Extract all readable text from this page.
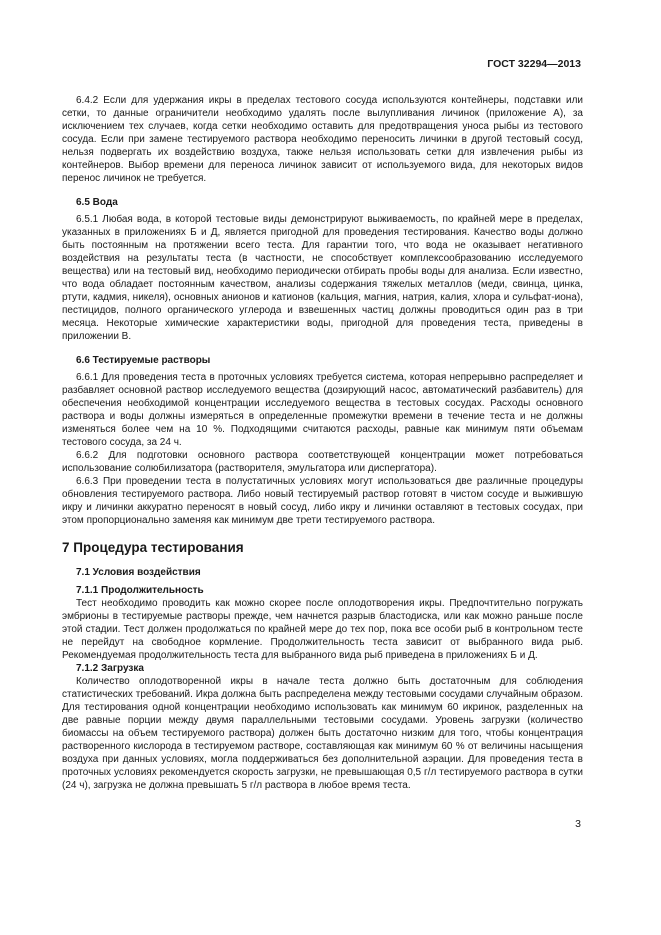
ГОСТ 32294—2013

6.4.2 Если для удержания икры в пределах тестового сосуда используются контейнеры, подставки или сетки, то данные ограничители необходимо удалять после вылупливания личинок (приложение А), за исключением тех случаев, когда сетки необходимо оставить для предотвращения уноса рыбы из тестового сосуда. Если при замене тестируемого раствора необходимо переносить личинки в другой тестовый сосуд, нельзя подвергать их воздействию воздуха, также нельзя использовать сетки для извлечения рыбы из контейнеров. Выбор времени для переноса личинок зависит от используемого вида, для некоторых видов перенос личинок не требуется.

6.5 Вода

6.5.1 Любая вода, в которой тестовые виды демонстрируют выживаемость, по крайней мере в пределах, указанных в приложениях Б и Д, является пригодной для проведения тестирования. Качество воды должно быть постоянным на протяжении всего теста. Для гарантии того, что вода не оказывает негативного воздействия на результаты теста (в частности, не способствует комплексообразованию исследуемого вещества) или на тестовый вид, необходимо периодически отбирать пробы воды для анализа. Если известно, что вода обладает постоянным качеством, анализы содержания тяжелых металлов (меди, свинца, цинка, ртути, кадмия, никеля), основных анионов и катионов (кальция, магния, натрия, калия, хлора и сульфат-иона), пестицидов, полного органического углерода и взвешенных частиц должны проводиться один раз в три месяца. Некоторые химические характеристики воды, пригодной для проведения теста, приведены в приложении В.

6.6 Тестируемые растворы

6.6.1 Для проведения теста в проточных условиях требуется система, которая непрерывно распределяет и разбавляет основной раствор исследуемого вещества (дозирующий насос, автоматический разбавитель) для обеспечения необходимой концентрации исследуемого вещества в тестовых сосудах. Расходы основного раствора и воды должны измеряться в определенные промежутки времени в течение теста и не должны изменяться более чем на 10 %. Подходящими считаются расходы, равные как минимум пяти объемам тестового сосуда, за 24 ч.

6.6.2 Для подготовки основного раствора соответствующей концентрации может потребоваться использование солюбилизатора (растворителя, эмульгатора или диспергатора).

6.6.3 При проведении теста в полустатичных условиях могут использоваться две различные процедуры обновления тестируемого раствора. Либо новый тестируемый раствор готовят в чистом сосуде и выжившую икру и личинки аккуратно переносят в новый сосуд, либо икру и личинки оставляют в тестовых сосудах, при этом пропорционально заменяя как минимум две трети тестируемого раствора.

7 Процедура тестирования

7.1 Условия воздействия

7.1.1 Продолжительность

Тест необходимо проводить как можно скорее после оплодотворения икры. Предпочтительно погружать эмбрионы в тестируемые растворы прежде, чем начнется разрыв бластодиска, или как можно раньше после этой стадии. Тест должен продолжаться по крайней мере до тех пор, пока все особи рыб в контрольном тесте не перейдут на свободное кормление. Продолжительность теста зависит от выбранного вида рыб. Рекомендуемая продолжительность теста для выбранного вида рыб приведена в приложениях Б и Д.

7.1.2 Загрузка

Количество оплодотворенной икры в начале теста должно быть достаточным для соблюдения статистических требований. Икра должна быть распределена между тестовыми сосудами случайным образом. Для тестирования одной концентрации необходимо использовать как минимум 60 икринок, разделенных на две равные порции между двумя параллельными тестовыми сосудами. Уровень загрузки (количество биомассы на объем тестируемого раствора) должен быть достаточно низким для того, чтобы концентрация растворенного кислорода в тестируемом растворе, составляющая как минимум 60 % от величины насыщения воздуха при данных условиях, могла поддерживаться без дополнительной аэрации. Для проведения теста в проточных условиях рекомендуется скорость загрузки, не превышающая 0,5 г/л тестируемого раствора в сутки (24 ч), загрузка не должна превышать 5 г/л раствора в любое время теста.

3
